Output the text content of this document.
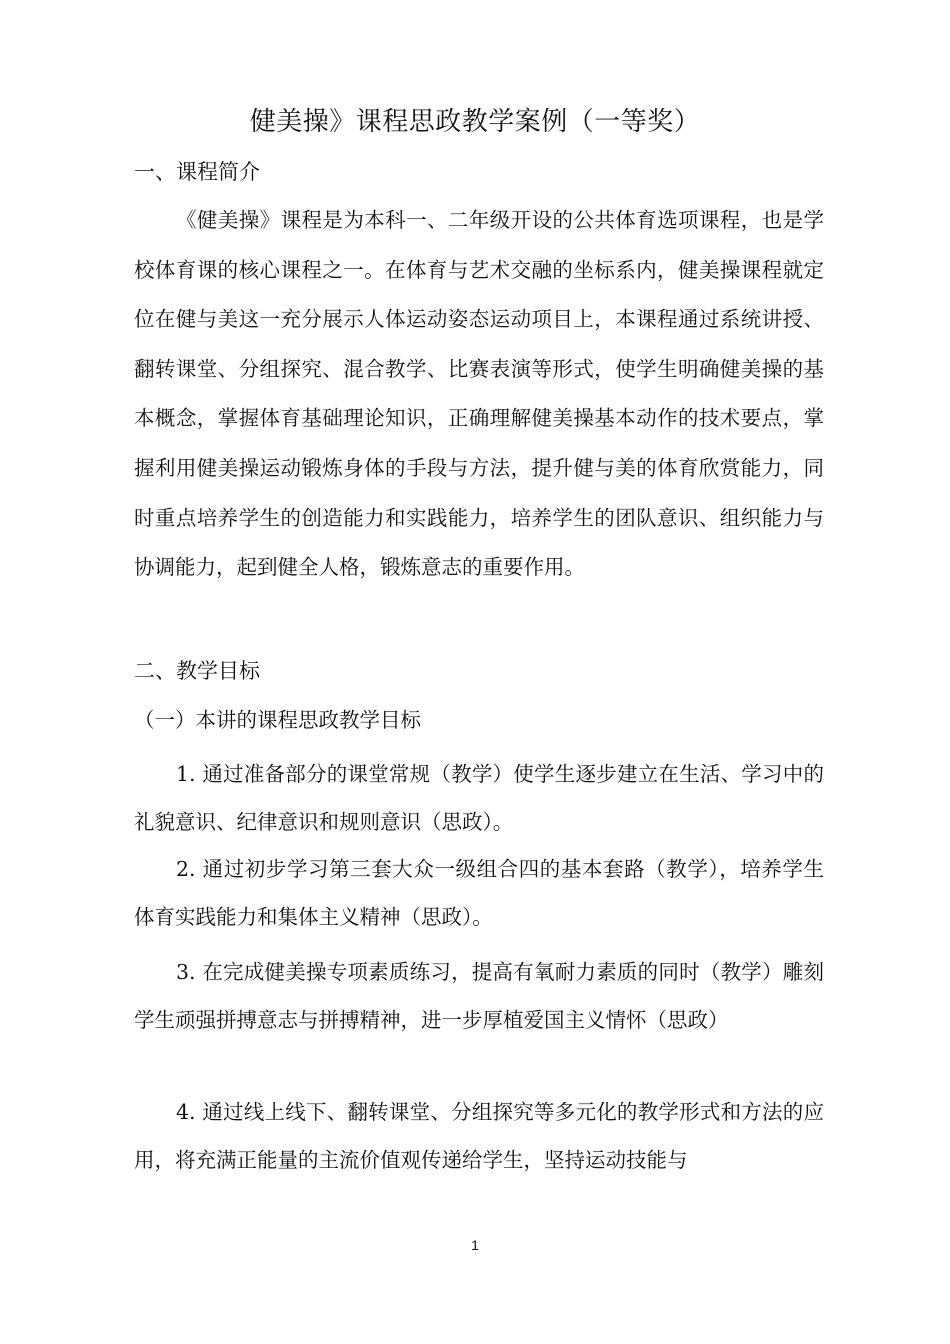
健美操》课程思政教学案例（一等奖）
一、课程简介
《健美操》课程是为本科一、二年级开设的公共体育选项课程，也是学校体育课的核心课程之一。在体育与艺术交融的坐标系内，健美操课程就定位在健与美这一充分展示人体运动姿态运动项目上，本课程通过系统讲授、翻转课堂、分组探究、混合教学、比赛表演等形式，使学生明确健美操的基本概念，掌握体育基础理论知识，正确理解健美操基本动作的技术要点，掌握利用健美操运动锻炼身体的手段与方法，提升健与美的体育欣赏能力，同时重点培养学生的创造能力和实践能力，培养学生的团队意识、组织能力与协调能力，起到健全人格，锻炼意志的重要作用。
二、教学目标
（一）本讲的课程思政教学目标
1. 通过准备部分的课堂常规（教学）使学生逐步建立在生活、学习中的礼貌意识、纪律意识和规则意识（思政）。
2. 通过初步学习第三套大众一级组合四的基本套路（教学），培养学生体育实践能力和集体主义精神（思政）。
3. 在完成健美操专项素质练习，提高有氧耐力素质的同时（教学）雕刻学生顽强拼搏意志与拼搏精神，进一步厚植爱国主义情怀（思政）
4. 通过线上线下、翻转课堂、分组探究等多元化的教学形式和方法的应用，将充满正能量的主流价值观传递给学生，坚持运动技能与
1
